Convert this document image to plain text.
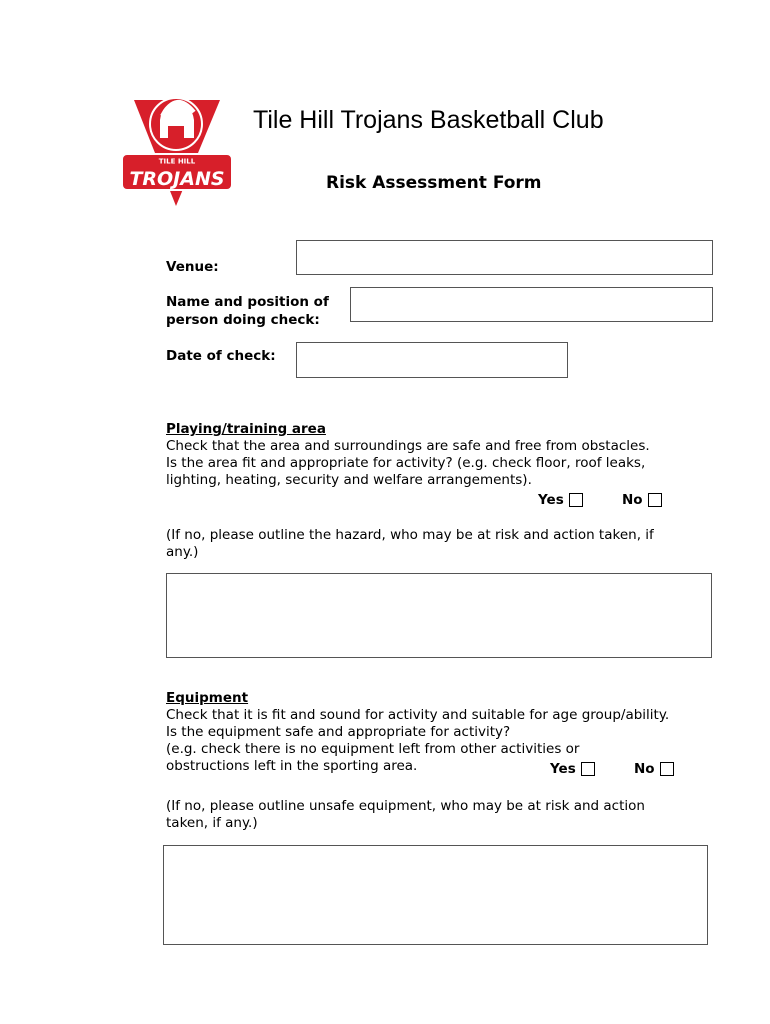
TILE HILL
TROJANS
Tile Hill Trojans Basketball Club
Risk Assessment Form
Venue:
Name and position of
person doing check:
Date of check:
Playing/training area
Check that the area and surroundings are safe and free from obstacles.
Is the area fit and appropriate for activity? (e.g. check floor, roof leaks,
lighting, heating, security and welfare arrangements).
Yes	No
(If no, please outline the hazard, who may be at risk and action taken, if
any.)
Equipment
Check that it is fit and sound for activity and suitable for age group/ability.
Is the equipment safe and appropriate for activity?
(e.g. check there is no equipment left from other activities or
obstructions left in the sporting area.	Yes	No
(If no, please outline unsafe equipment, who may be at risk and action
taken, if any.)
